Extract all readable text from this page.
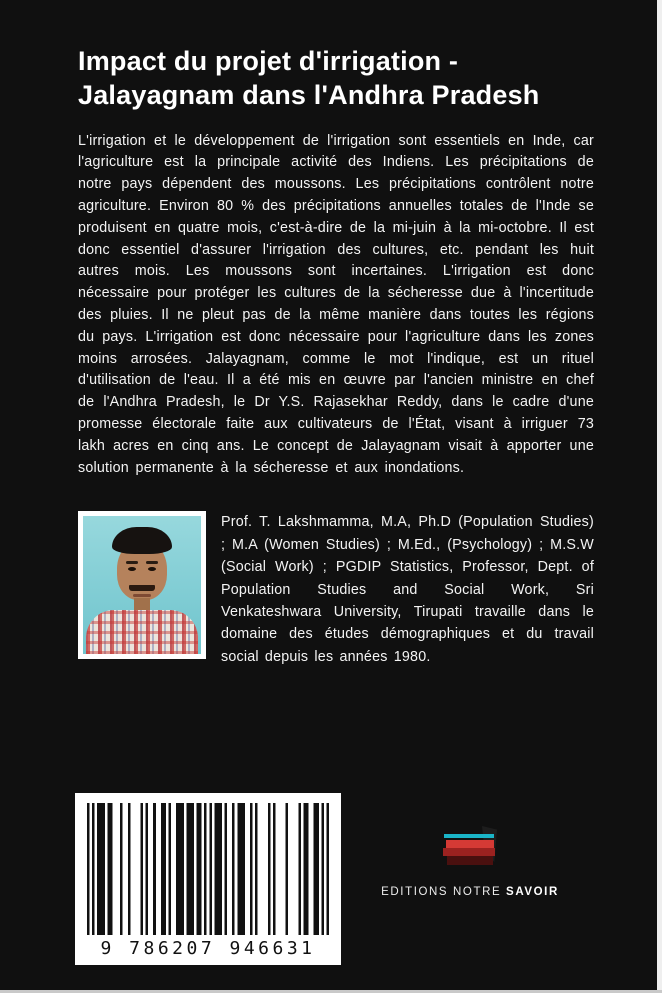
Impact du projet d'irrigation - Jalayagnam dans l'Andhra Pradesh

L'irrigation et le développement de l'irrigation sont essentiels en Inde, car l'agriculture est la principale activité des Indiens. Les précipitations de notre pays dépendent des moussons. Les précipitations contrôlent notre agriculture. Environ 80 % des précipitations annuelles totales de l'Inde se produisent en quatre mois, c'est-à-dire de la mi-juin à la mi-octobre. Il est donc essentiel d'assurer l'irrigation des cultures, etc. pendant les huit autres mois. Les moussons sont incertaines. L'irrigation est donc nécessaire pour protéger les cultures de la sécheresse due à l'incertitude des pluies. Il ne pleut pas de la même manière dans toutes les régions du pays. L'irrigation est donc nécessaire pour l'agriculture dans les zones moins arrosées. Jalayagnam, comme le mot l'indique, est un rituel d'utilisation de l'eau. Il a été mis en œuvre par l'ancien ministre en chef de l'Andhra Pradesh, le Dr Y.S. Rajasekhar Reddy, dans le cadre d'une promesse électorale faite aux cultivateurs de l'État, visant à irriguer 73 lakh acres en cinq ans. Le concept de Jalayagnam visait à apporter une solution permanente à la sécheresse et aux inondations.

Prof. T. Lakshmamma, M.A, Ph.D (Population Studies) ; M.A (Women Studies) ; M.Ed., (Psychology) ; M.S.W (Social Work) ; PGDIP Statistics, Professor, Dept. of Population Studies and Social Work, Sri Venkateshwara University, Tirupati travaille dans le domaine des études démographiques et du travail social depuis les années 1980.

9 786207 946631
EDITIONS NOTRE SAVOIR
